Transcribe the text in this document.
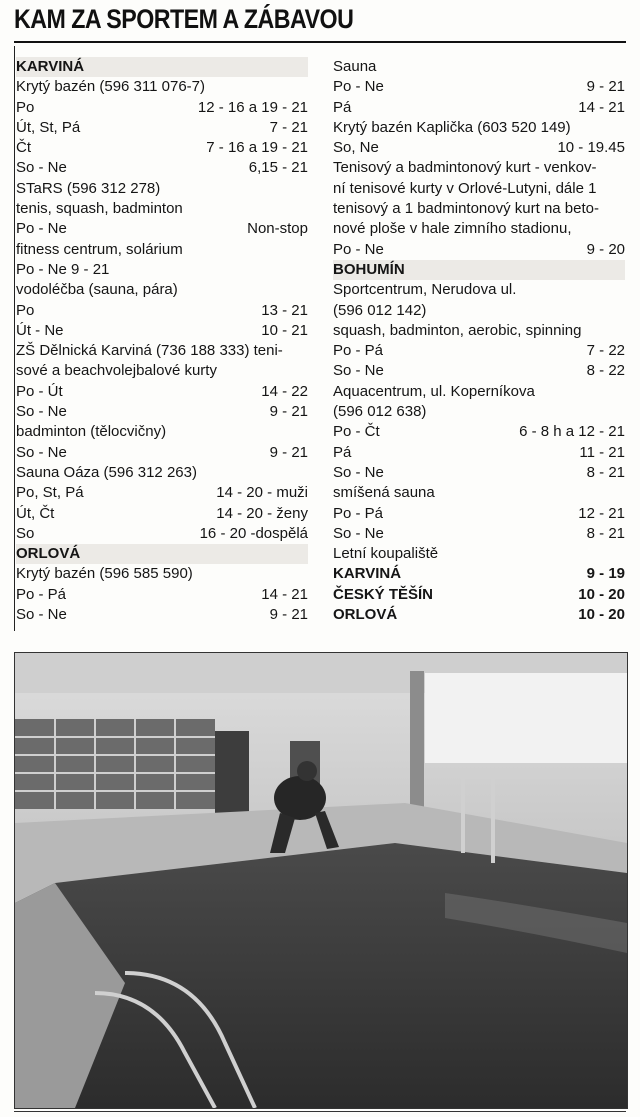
KAM ZA SPORTEM A ZÁBAVOU
KARVINÁ
Krytý bazén (596 311 076-7)
Po	12 - 16 a 19 - 21
Út, St, Pá	7 - 21
Čt	7 - 16 a 19 - 21
So - Ne	6,15 - 21
STaRS (596 312 278)
tenis, squash, badminton
Po - Ne	Non-stop
fitness centrum, solárium
Po - Ne 9 - 21
vodoléčba (sauna, pára)
Po	13 - 21
Út - Ne	10 - 21
ZŠ Dělnická Karviná (736 188 333) teni-
sové a beachvolejbalové kurty
Po - Út	14 - 22
So - Ne	9 - 21
badminton (tělocvičny)
So - Ne	9 - 21
Sauna Oáza (596 312 263)
Po, St, Pá	14 - 20 - muži
Út, Čt	14 - 20 - ženy
So	16 - 20 -dospělá
ORLOVÁ
Krytý bazén (596 585 590)
Po - Pá	14 - 21
So - Ne	9 - 21
Sauna
Po - Ne	9 - 21
Pá	14 - 21
Krytý bazén Kaplička (603 520 149)
So, Ne	10 - 19.45
Tenisový a badmintonový kurt - venkov-
ní tenisové kurty v Orlové-Lutyni, dále 1
tenisový a 1 badmintonový kurt na beto-
nové ploše v hale zimního stadionu,
Po - Ne	9 - 20
BOHUMÍN
Sportcentrum, Nerudova ul.
(596 012 142)
squash, badminton, aerobic, spinning
Po - Pá	7 - 22
So - Ne	8 - 22
Aquacentrum, ul. Koperníkova
(596 012 638)
Po - Čt	6 - 8 h a 12 - 21
Pá	11 - 21
So - Ne	8 - 21
smíšená sauna
Po - Pá	12 - 21
So - Ne	8 - 21
Letní koupaliště
KARVINÁ	9 - 19
ČESKÝ TĚŠÍN	10 - 20
ORLOVÁ	10 - 20
